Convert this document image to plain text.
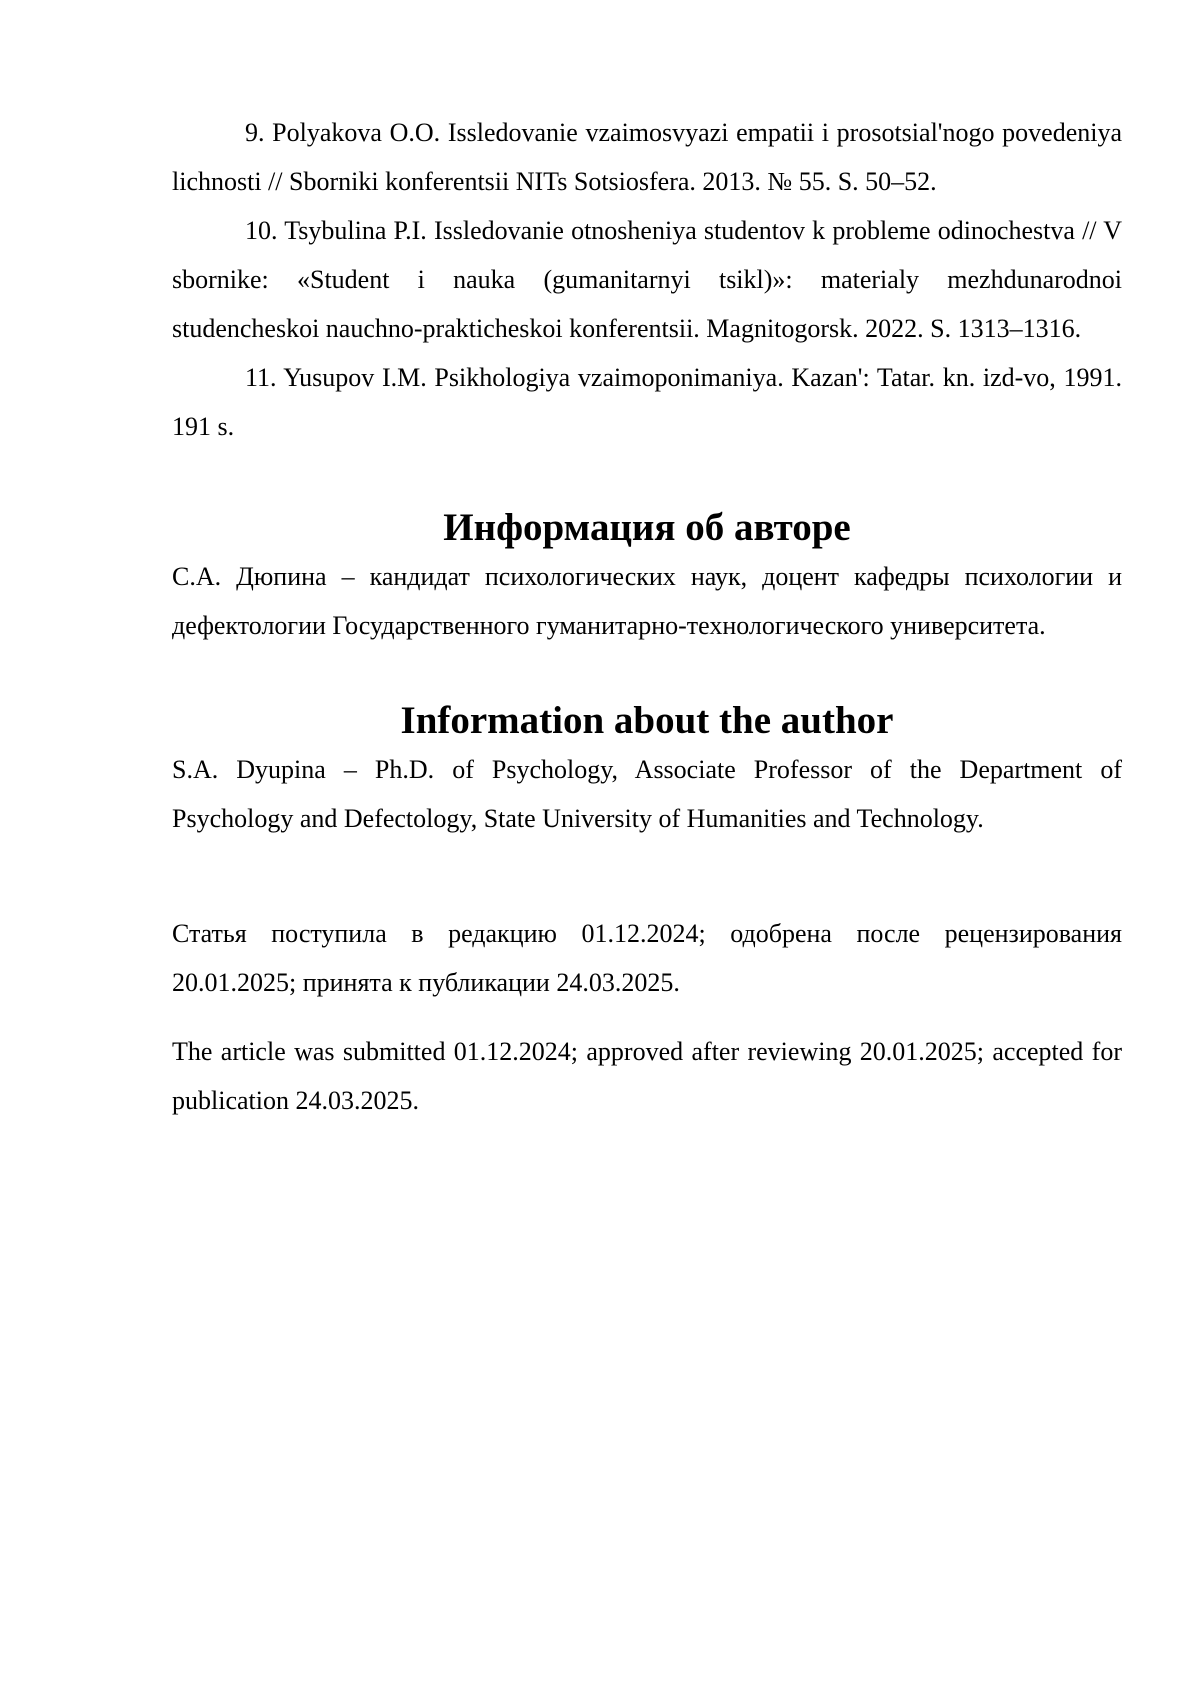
9. Polyakova O.O. Issledovanie vzaimosvyazi empatii i prosotsial'nogo povedeniya lichnosti // Sborniki konferentsii NITs Sotsiosfera. 2013. № 55. S. 50–52.

10. Tsybulina P.I. Issledovanie otnosheniya studentov k probleme odinochestva // V sbornike: «Student i nauka (gumanitarnyi tsikl)»: materialy mezhdunarodnoi studencheskoi nauchno-prakticheskoi konferentsii. Magnitogorsk. 2022. S. 1313–1316.

11. Yusupov I.M. Psikhologiya vzaimoponimaniya. Kazan': Tatar. kn. izd-vo, 1991. 191 s.

Информация об авторе

С.А. Дюпина – кандидат психологических наук, доцент кафедры психологии и дефектологии Государственного гуманитарно-технологического университета.

Information about the author

S.A. Dyupina – Ph.D. of Psychology, Associate Professor of the Department of Psychology and Defectology, State University of Humanities and Technology.

Статья поступила в редакцию 01.12.2024; одобрена после рецензирования 20.01.2025; принята к публикации 24.03.2025.

The article was submitted 01.12.2024; approved after reviewing 20.01.2025; accepted for publication 24.03.2025.
